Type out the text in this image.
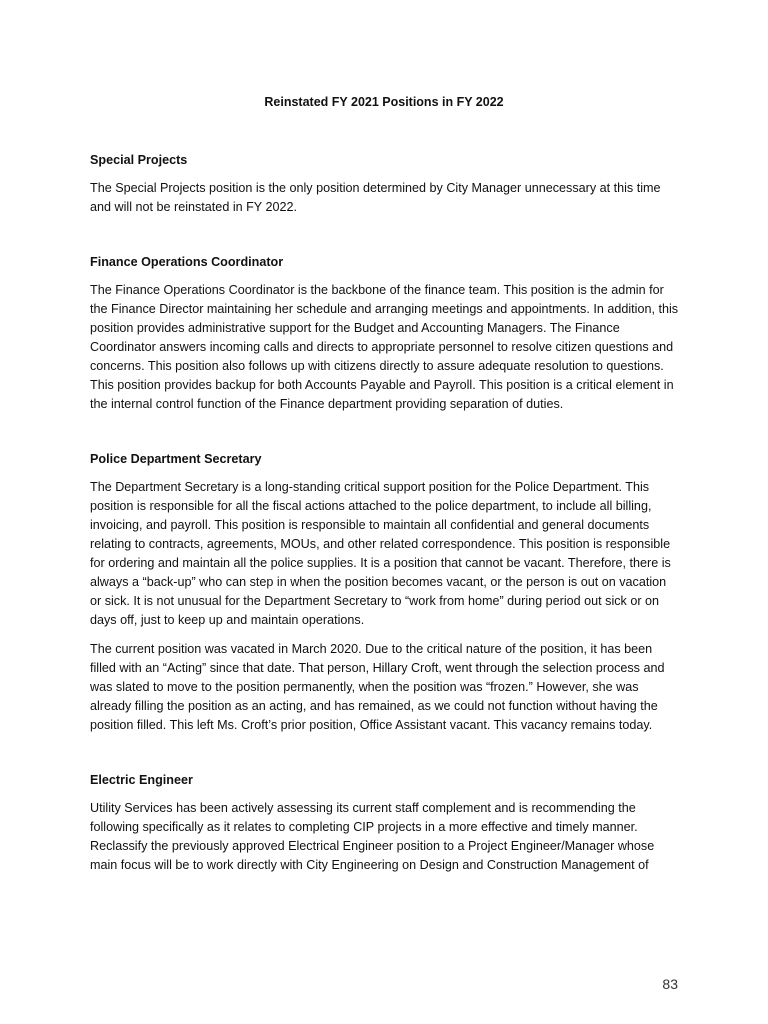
Reinstated FY 2021 Positions in FY 2022

Special Projects

The Special Projects position is the only position determined by City Manager unnecessary at this time and will not be reinstated in FY 2022.

Finance Operations Coordinator

The Finance Operations Coordinator is the backbone of the finance team. This position is the admin for the Finance Director maintaining her schedule and arranging meetings and appointments. In addition, this position provides administrative support for the Budget and Accounting Managers. The Finance Coordinator answers incoming calls and directs to appropriate personnel to resolve citizen questions and concerns. This position also follows up with citizens directly to assure adequate resolution to questions. This position provides backup for both Accounts Payable and Payroll. This position is a critical element in the internal control function of the Finance department providing separation of duties.

Police Department Secretary

The Department Secretary is a long-standing critical support position for the Police Department. This position is responsible for all the fiscal actions attached to the police department, to include all billing, invoicing, and payroll. This position is responsible to maintain all confidential and general documents relating to contracts, agreements, MOUs, and other related correspondence. This position is responsible for ordering and maintain all the police supplies. It is a position that cannot be vacant. Therefore, there is always a “back-up” who can step in when the position becomes vacant, or the person is out on vacation or sick. It is not unusual for the Department Secretary to “work from home” during period out sick or on days off, just to keep up and maintain operations.

The current position was vacated in March 2020. Due to the critical nature of the position, it has been filled with an “Acting” since that date. That person, Hillary Croft, went through the selection process and was slated to move to the position permanently, when the position was “frozen.” However, she was already filling the position as an acting, and has remained, as we could not function without having the position filled. This left Ms. Croft’s prior position, Office Assistant vacant. This vacancy remains today.

Electric Engineer

Utility Services has been actively assessing its current staff complement and is recommending the following specifically as it relates to completing CIP projects in a more effective and timely manner. Reclassify the previously approved Electrical Engineer position to a Project Engineer/Manager whose main focus will be to work directly with City Engineering on Design and Construction Management of

83
